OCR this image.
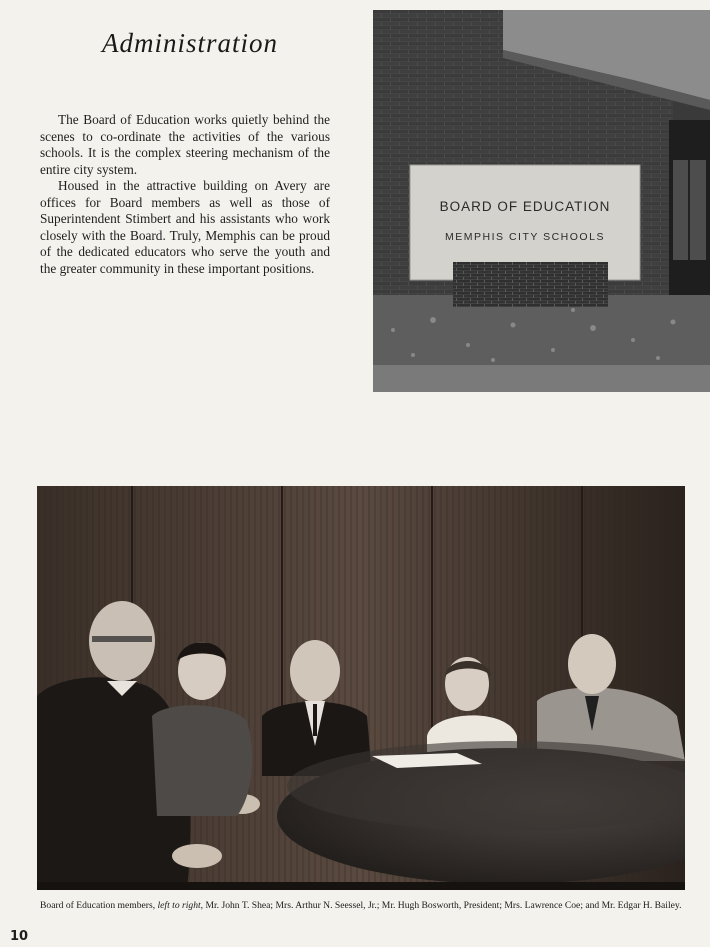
Administration

The Board of Education works quietly behind the scenes to co-ordinate the activities of the various schools. It is the complex steering mechanism of the entire city system.

Housed in the attractive building on Avery are offices for Board members as well as those of Superintendent Stimbert and his assistants who work closely with the Board. Truly, Memphis can be proud of the dedicated educators who serve the youth and the greater community in these important positions.

BOARD OF EDUCATION
MEMPHIS CITY SCHOOLS
Board of Education members, left to right, Mr. John T. Shea; Mrs. Arthur N. Seessel, Jr.; Mr. Hugh Bosworth, President; Mrs. Lawrence Coe; and Mr. Edgar H. Bailey.
10
